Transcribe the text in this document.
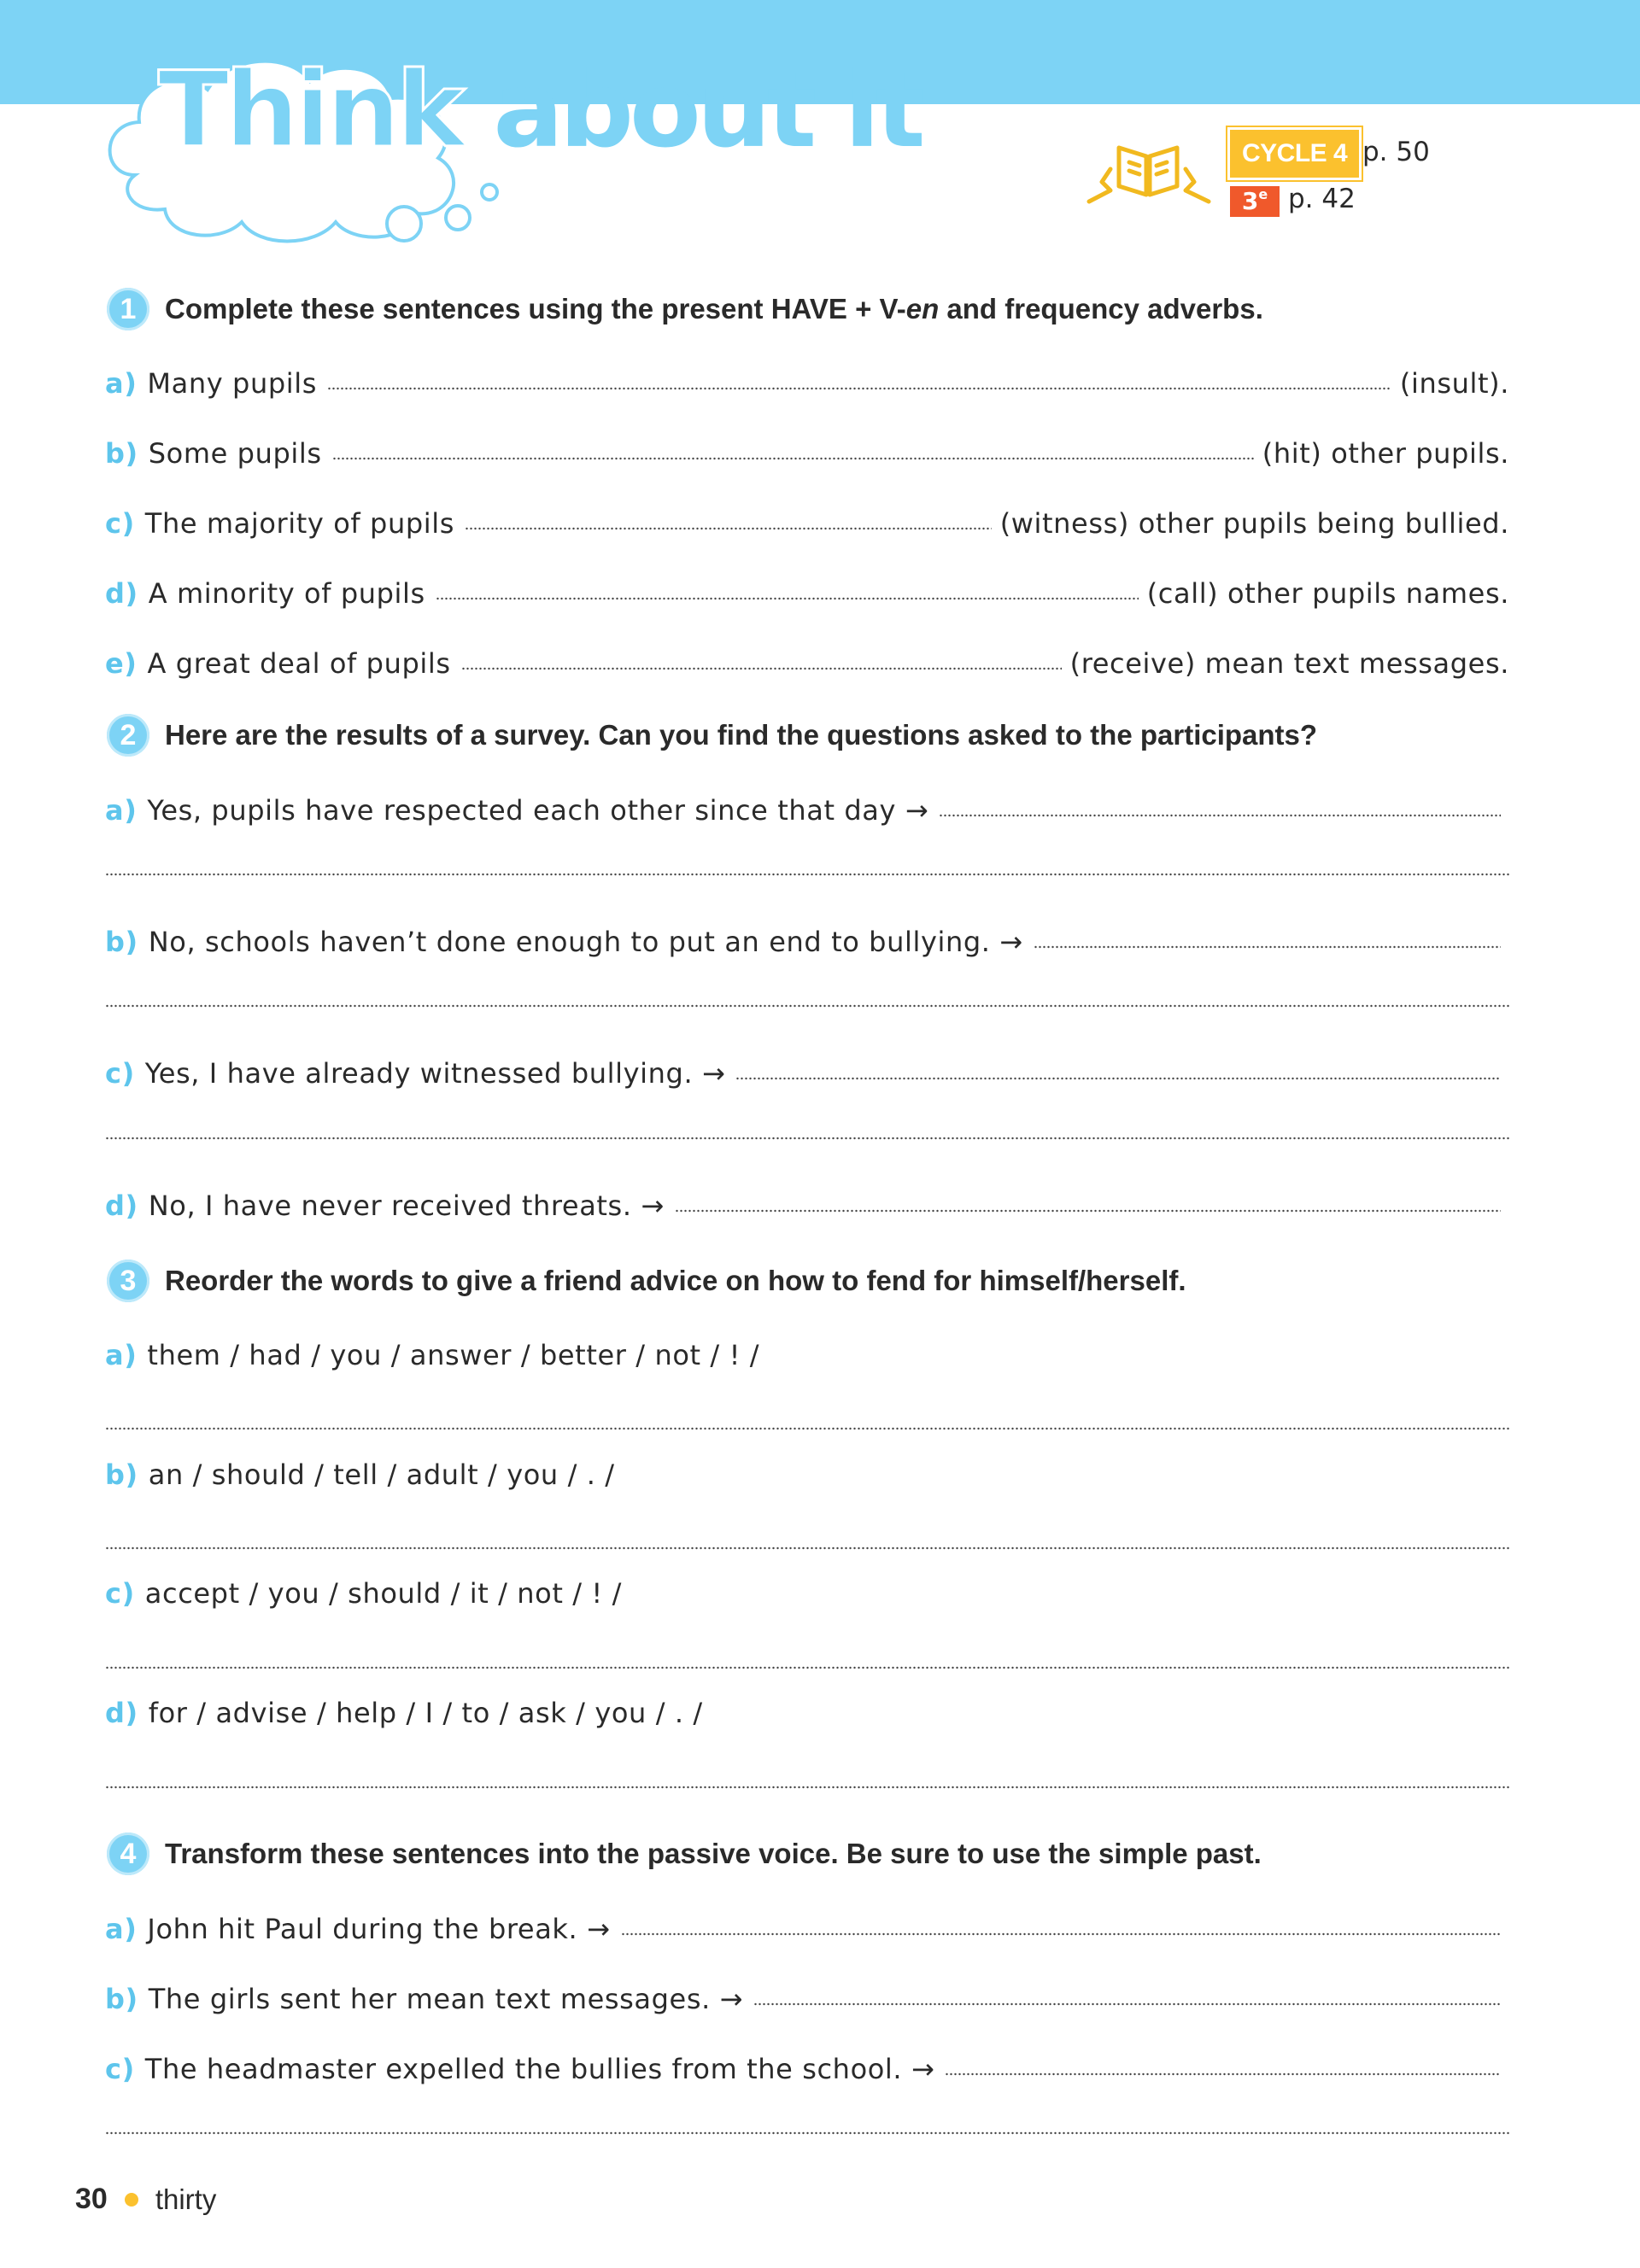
Think about it	CYCLE 4 p. 50
3e p. 42
1	Complete these sentences using the present HAVE + V-en and frequency adverbs.
a) Many pupils	(insult).
b) Some pupils	(hit) other pupils.
c) The majority of pupils	(witness) other pupils being bullied.
d) A minority of pupils	(call) other pupils names.
e) A great deal of pupils	(receive) mean text messages.
2	Here are the results of a survey. Can you find the questions asked to the participants?
a) Yes, pupils have respected each other since that day →
b) No, schools haven’t done enough to put an end to bullying. →
c) Yes, I have already witnessed bullying. →
d) No, I have never received threats. →
3	Reorder the words to give a friend advice on how to fend for himself/herself.
a) them / had / you / answer / better / not / ! /
b) an / should / tell / adult / you / . /
c) accept / you / should / it / not / ! /
d) for / advise / help / I / to / ask / you / . /
4	Transform these sentences into the passive voice. Be sure to use the simple past.
a) John hit Paul during the break. →
b) The girls sent her mean text messages. →
c) The headmaster expelled the bullies from the school. →
30 thirty
